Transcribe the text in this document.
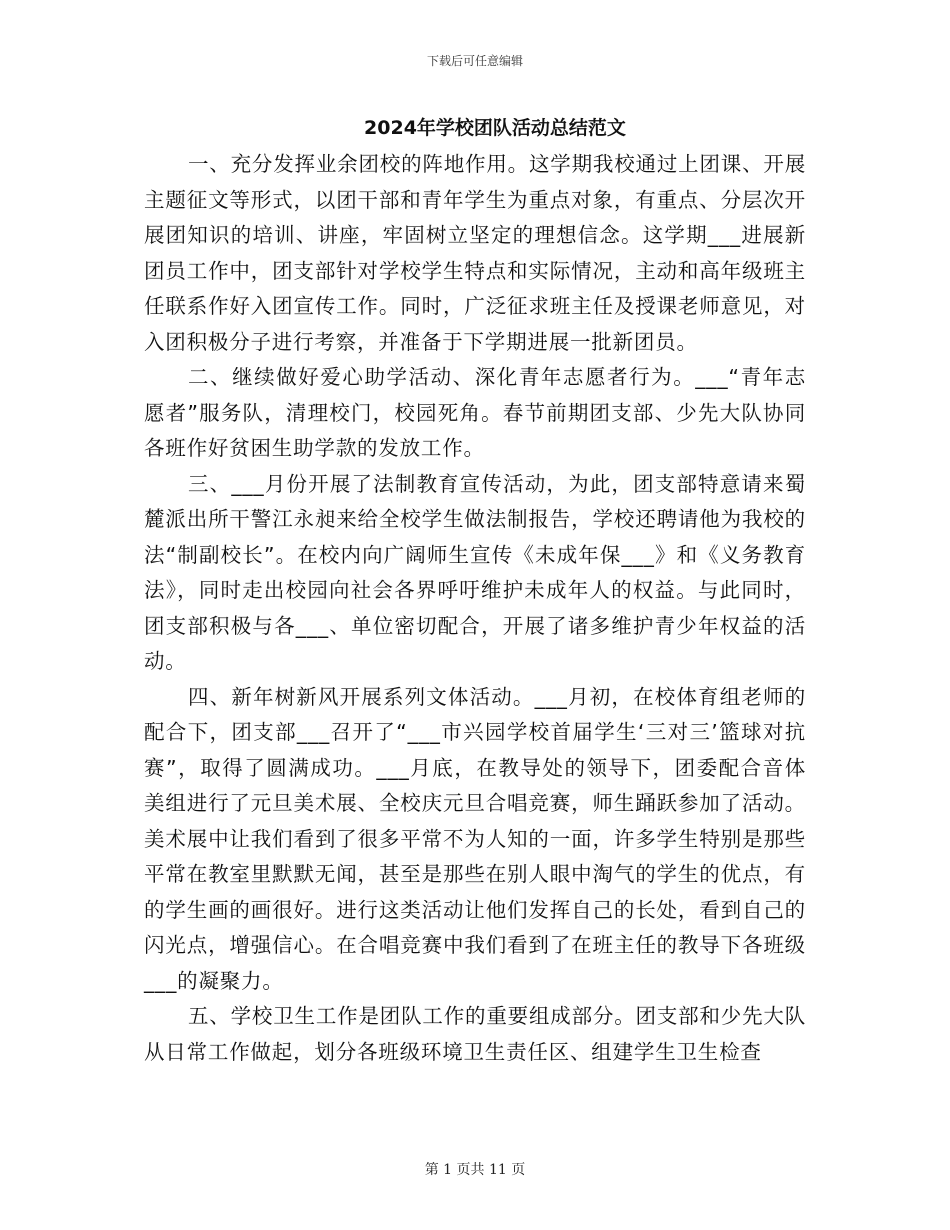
下载后可任意编辑
2024年学校团队活动总结范文

一、充分发挥业余团校的阵地作用。这学期我校通过上团课、开展主题征文等形式，以团干部和青年学生为重点对象，有重点、分层次开展团知识的培训、讲座，牢固树立坚定的理想信念。这学期___进展新团员工作中，团支部针对学校学生特点和实际情况，主动和高年级班主任联系作好入团宣传工作。同时，广泛征求班主任及授课老师意见，对入团积极分子进行考察，并准备于下学期进展一批新团员。

二、继续做好爱心助学活动、深化青年志愿者行为。___“青年志愿者”服务队，清理校门，校园死角。春节前期团支部、少先大队协同各班作好贫困生助学款的发放工作。

三、___月份开展了法制教育宣传活动，为此，团支部特意请来蜀麓派出所干警江永昶来给全校学生做法制报告，学校还聘请他为我校的法“制副校长”。在校内向广阔师生宣传《未成年保___》和《义务教育法》，同时走出校园向社会各界呼吁维护未成年人的权益。与此同时，团支部积极与各___、单位密切配合，开展了诸多维护青少年权益的活动。

四、新年树新风开展系列文体活动。___月初，在校体育组老师的配合下，团支部___召开了“___市兴园学校首届学生‘三对三’篮球对抗赛”，取得了圆满成功。___月底，在教导处的领导下，团委配合音体美组进行了元旦美术展、全校庆元旦合唱竞赛，师生踊跃参加了活动。美术展中让我们看到了很多平常不为人知的一面，许多学生特别是那些平常在教室里默默无闻，甚至是那些在别人眼中淘气的学生的优点，有的学生画的画很好。进行这类活动让他们发挥自己的长处，看到自己的闪光点，增强信心。在合唱竞赛中我们看到了在班主任的教导下各班级___的凝聚力。

五、学校卫生工作是团队工作的重要组成部分。团支部和少先大队从日常工作做起，划分各班级环境卫生责任区、组建学生卫生检查

第 1 页共 11 页
